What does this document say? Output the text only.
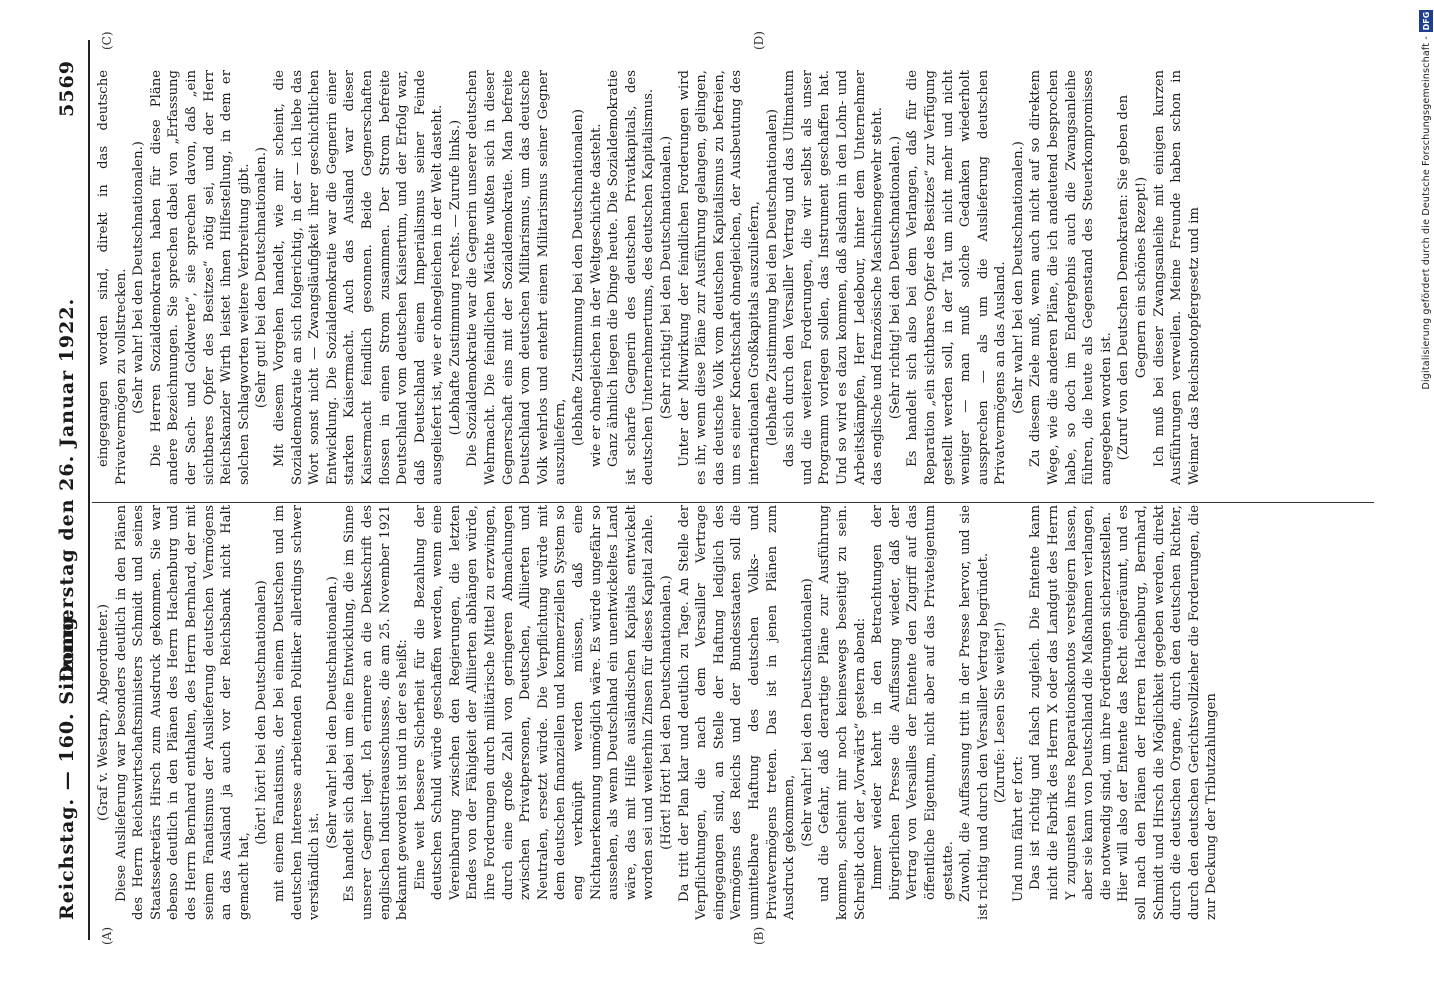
Reichstag. — 160. Sitzung.
Donnerstag den 26. Januar 1922.
5569
(A)	(B)
(C)	(D)

(Graf v. Westarp, Abgeordneter.) Diese Auslieferung war besonders deutlich in den Plänen des Herrn Reichswirtschaftsministers Schmidt und seines Staatssekretärs Hirsch zum Ausdruck gekommen. Sie war ebenso deutlich in den Plänen des Herrn Hachenburg und des Herrn Bernhard enthalten, des Herrn Bernhard, der mit seinem Fanatismus der Auslieferung deutschen Vermögens an das Ausland ja auch vor der Reichsbank nicht Halt gemacht hat,

(hört! hört! bei den Deutschnationalen) mit einem Fanatismus, der bei einem Deutschen und im deutschen Interesse arbeitenden Politiker allerdings schwer verständlich ist.

(Sehr wahr! bei den Deutschnationalen.) Es handelt sich dabei um eine Entwicklung, die im Sinne unserer Gegner liegt. Ich erinnere an die Denkschrift des englischen Industrieausschusses, die am 25. November 1921 bekannt geworden ist und in der es heißt: Eine weit bessere Sicherheit für die Bezahlung der deutschen Schuld würde geschaffen werden, wenn eine Vereinbarung zwischen den Regierungen, die letzten Endes von der Fähigkeit der Alliierten abhängen würde, ihre Forderungen durch militärische Mittel zu erzwingen, durch eine große Zahl von geringeren Abmachungen zwischen Privatpersonen, Deutschen, Alliierten und Neutralen, ersetzt würde. Die Verpflichtung würde mit dem deutschen finanziellen und kommerziellen System so eng verknüpft werden müssen, daß eine Nichtanerkennung unmöglich wäre. Es würde ungefähr so aussehen, als wenn Deutschland ein unentwickeltes Land wäre, das mit Hilfe ausländischen Kapitals entwickelt worden sei und weiterhin Zinsen für dieses Kapital zahle. (Hört! Hört! bei den Deutschnationalen.) Da tritt der Plan klar und deutlich zu Tage. An Stelle der Verpflichtungen, die nach dem Versailler Vertrage eingegangen sind, an Stelle der Haftung lediglich des Vermögens des Reichs und der Bundesstaaten soll die unmittelbare Haftung des deutschen Volks- und Privatvermögens treten. Das ist in jenen Plänen zum Ausdruck gekommen,

(Sehr wahr! bei den Deutschnationalen) und die Gefahr, daß derartige Pläne zur Ausführung kommen, scheint mir noch keineswegs beseitigt zu sein. Schreibt doch der „Vorwärts“ gestern abend: Immer wieder kehrt in den Betrachtungen der bürgerlichen Presse die Auffassung wieder, daß der Vertrag von Versailles der Entente den Zugriff auf das öffentliche Eigentum, nicht aber auf das Privateigentum gestatte. Zuwohl, die Auffassung tritt in der Presse hervor, und sie ist richtig und durch den Versailler Vertrag begründet. (Zurufe: Lesen Sie weiter!)

Und nun fährt er fort: Das ist richtig und falsch zugleich. Die Entente kann nicht die Fabrik des Herrn X oder das Landgut des Herrn Y zugunsten ihres Reparationskontos versteigern lassen, aber sie kann von Deutschland die Maßnahmen verlangen, die notwendig sind, um ihre Forderungen sicherzustellen. Hier will also der Entente das Recht eingeräumt, und es soll nach den Plänen der Herren Hachenburg, Bernhard, Schmidt und Hirsch die Möglichkeit gegeben werden, direkt durch die deutschen Organe, durch den deutschen Richter, durch den deutschen Gerichtsvollzieher die Forderungen, die zur Deckung der Tributzahlungen

eingegangen worden sind, direkt in das deutsche Privatvermögen zu vollstrecken. (Sehr wahr! bei den Deutschnationalen.) Die Herren Sozialdemokraten haben für diese Pläne andere Bezeichnungen. Sie sprechen dabei von „Erfassung der Sach- und Goldwerte“, sie sprechen davon, daß „ein sichtbares Opfer des Besitzes“ nötig sei, und der Herr Reichskanzler Wirth leistet ihnen Hilfestellung, in dem er solchen Schlagworten weitere Verbreitung gibt. (Sehr gut! bei den Deutschnationalen.) Mit diesem Vorgehen handelt, wie mir scheint, die Sozialdemokratie an sich folgerichtig, in der — ich liebe das Wort sonst nicht — Zwangsläufigkeit ihrer geschichtlichen Entwicklung. Die Sozialdemokratie war die Gegnerin einer starken Kaisermacht. Auch das Ausland war dieser Kaisermacht feindlich gesonnen. Beide Gegnerschaften flossen in einen Strom zusammen. Der Strom befreite Deutschland vom deutschen Kaisertum, und der Erfolg war, daß Deutschland einem Imperialismus seiner Feinde ausgeliefert ist, wie er ohnegleichen in der Welt dasteht. (Lebhafte Zustimmung rechts. — Zurufe links.) Die Sozialdemokratie war die Gegnerin unserer deutschen Wehrmacht. Die feindlichen Mächte wußten sich in dieser Gegnerschaft eins mit der Sozialdemokratie. Man befreite Deutschland vom deutschen Militarismus, um das deutsche Volk wehrlos und entehrt einem Militarismus seiner Gegner auszuliefern, (lebhafte Zustimmung bei den Deutschnationalen) wie er ohnegleichen in der Weltgeschichte dasteht. Ganz ähnlich liegen die Dinge heute. Die Sozialdemokratie ist scharfe Gegnerin des deutschen Privatkapitals, des deutschen Unternehmertums, des deutschen Kapitalismus. (Sehr richtig! bei den Deutschnationalen.) Unter der Mitwirkung der feindlichen Forderungen wird es ihr, wenn diese Pläne zur Ausführung gelangen, gelingen, das deutsche Volk vom deutschen Kapitalismus zu befreien, um es einer Knechtschaft ohnegleichen, der Ausbeutung des internationalen Großkapitals auszuliefern, (lebhafte Zustimmung bei den Deutschnationalen) das sich durch den Versailler Vertrag und das Ultimatum und die weiteren Forderungen, die wir selbst als unser Programm vorlegen sollen, das Instrument geschaffen hat. Und so wird es dazu kommen, daß alsdann in den Lohn- und Arbeitskämpfen, Herr Ledebour, hinter dem Unternehmer das englische und französische Maschinengewehr steht. (Sehr richtig! bei den Deutschnationalen.) Es handelt sich also bei dem Verlangen, daß für die Reparation „ein sichtbares Opfer des Besitzes“ zur Verfügung gestellt werden soll, in der Tat um nicht mehr und nicht weniger — man muß solche Gedanken wiederholt aussprechen — als um die Auslieferung deutschen Privatvermögens an das Ausland. (Sehr wahr! bei den Deutschnationalen.) Zu diesem Ziele muß, wenn auch nicht auf so direktem Wege, wie die anderen Pläne, die ich andeutend besprochen habe, so doch im Endergebnis auch die Zwangsanleihe führen, die heute als Gegenstand des Steuerkompromisses angegeben worden ist. (Zuruf von den Deutschen Demokraten: Sie geben den Gegnern ein schönes Rezept!) Ich muß bei dieser Zwangsanleihe mit einigen kurzen Ausführungen verweilen. Meine Freunde haben schon in Weimar das Reichsnotopfergesetz und im	Digitalisierung gefördert durch die Deutsche Forschungsgemeinschaft -
DFG
